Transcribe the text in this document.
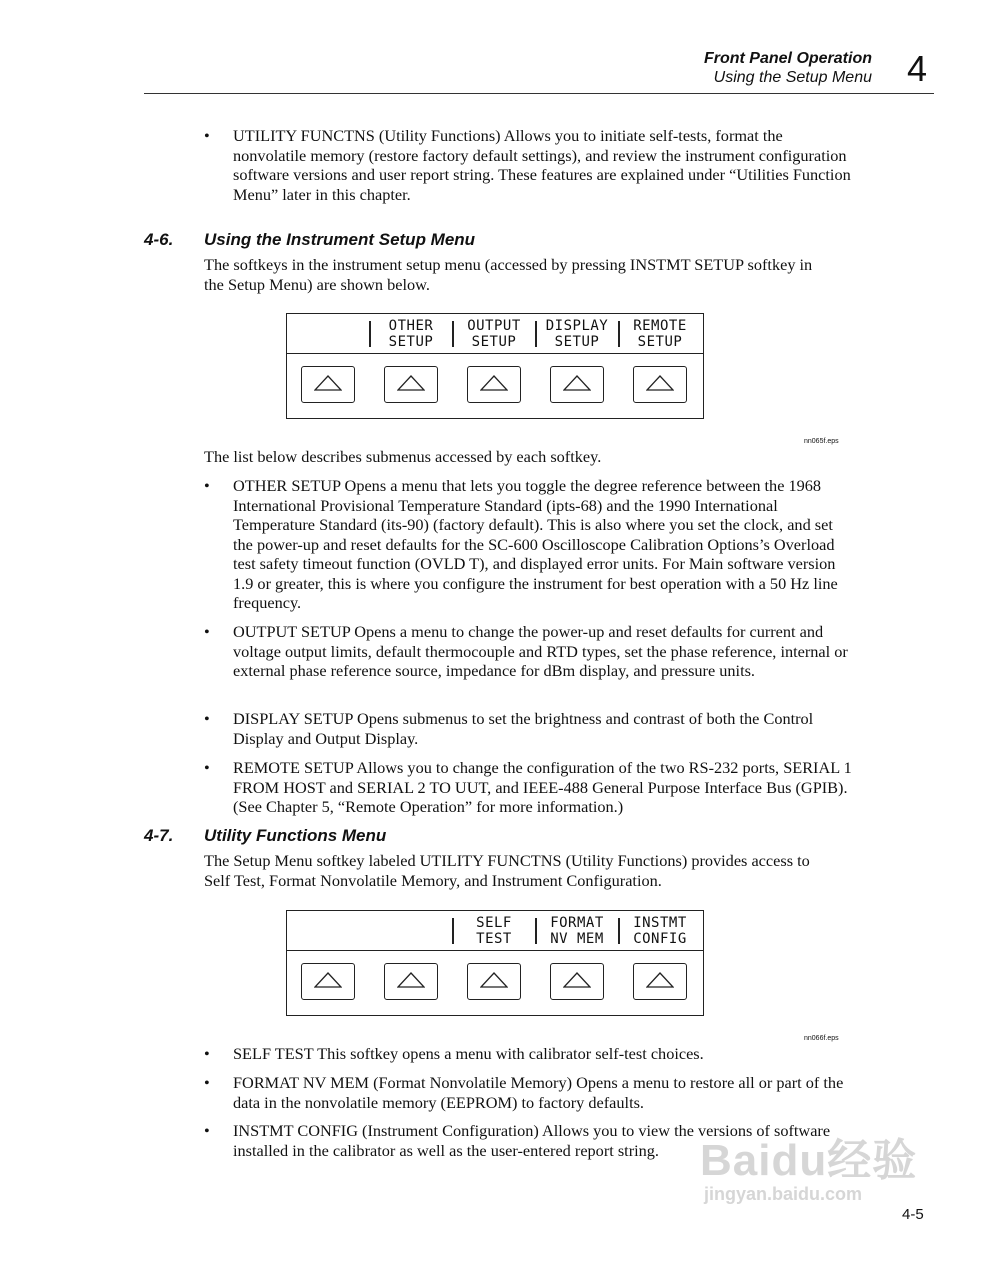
Front Panel Operation
Using the Setup Menu 4
• UTILITY FUNCTNS (Utility Functions) Allows you to initiate self-tests, format the nonvolatile memory (restore factory default settings), and review the instrument configuration software versions and user report string. These features are explained under “Utilities Function Menu” later in this chapter.
4-6. Using the Instrument Setup Menu
The softkeys in the instrument setup menu (accessed by pressing INSTMT SETUP softkey in the Setup Menu) are shown below.
OTHER
SETUP
OUTPUT
SETUP
DISPLAY
SETUP
REMOTE
SETUP
nn065f.eps
The list below describes submenus accessed by each softkey.
• OTHER SETUP Opens a menu that lets you toggle the degree reference between the 1968 International Provisional Temperature Standard (ipts-68) and the 1990 International Temperature Standard (its-90) (factory default). This is also where you set the clock, and set the power-up and reset defaults for the SC-600 Oscilloscope Calibration Options’s Overload test safety timeout function (OVLD T), and displayed error units. For Main software version 1.9 or greater, this is where you configure the instrument for best operation with a 50 Hz line frequency.
• OUTPUT SETUP Opens a menu to change the power-up and reset defaults for current and voltage output limits, default thermocouple and RTD types, set the phase reference, internal or external phase reference source, impedance for dBm display, and pressure units.
• DISPLAY SETUP Opens submenus to set the brightness and contrast of both the Control Display and Output Display.
• REMOTE SETUP Allows you to change the configuration of the two RS-232 ports, SERIAL 1 FROM HOST and SERIAL 2 TO UUT, and IEEE-488 General Purpose Interface Bus (GPIB). (See Chapter 5, “Remote Operation” for more information.)
4-7. Utility Functions Menu
The Setup Menu softkey labeled UTILITY FUNCTNS (Utility Functions) provides access to Self Test, Format Nonvolatile Memory, and Instrument Configuration.
SELF
TEST
FORMAT
NV MEM
INSTMT
CONFIG
nn066f.eps
• SELF TEST This softkey opens a menu with calibrator self-test choices.
• FORMAT NV MEM (Format Nonvolatile Memory) Opens a menu to restore all or part of the data in the nonvolatile memory (EEPROM) to factory defaults.
• INSTMT CONFIG (Instrument Configuration) Allows you to view the versions of software installed in the calibrator as well as the user-entered report string. Baidu经验
jingyan.baidu.com
4-5
